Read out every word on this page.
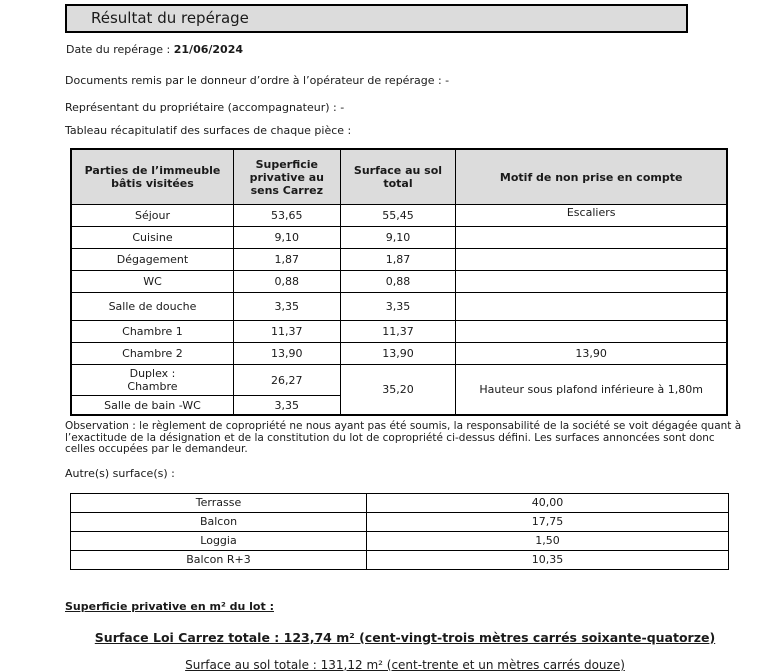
Résultat du repérage
Date du repérage : 21/06/2024
Documents remis par le donneur d’ordre à l’opérateur de repérage : -
Représentant du propriétaire (accompagnateur) : -
Tableau récapitulatif des surfaces de chaque pièce :
Parties de l’immeuble bâtis visitées	Superficie privative au sens Carrez	Surface au sol total	Motif de non prise en compte
Séjour	53,65	55,45	Escaliers
Cuisine	9,10	9,10	
Dégagement	1,87	1,87	
WC	0,88	0,88	
Salle de douche	3,35	3,35	
Chambre 1	11,37	11,37	
Chambre 2	13,90	13,90	13,90

Duplex :
Chambre	26,27	35,20	Hauteur sous plafond inférieure à 1,80m
Salle de bain -WC	3,35		
Observation : le règlement de copropriété ne nous ayant pas été soumis, la responsabilité de la société se voit dégagée quant à l’exactitude de la désignation et de la constitution du lot de copropriété ci-dessus défini. Les surfaces annoncées sont donc celles occupées par le demandeur.
Autre(s) surface(s) :
Terrasse	40,00
Balcon	17,75
Loggia	1,50
Balcon R+3	10,35
Superficie privative en m² du lot :
Surface Loi Carrez totale : 123,74 m² (cent-vingt-trois mètres carrés soixante-quatorze)
Surface au sol totale : 131,12 m² (cent-trente et un mètres carrés douze)
